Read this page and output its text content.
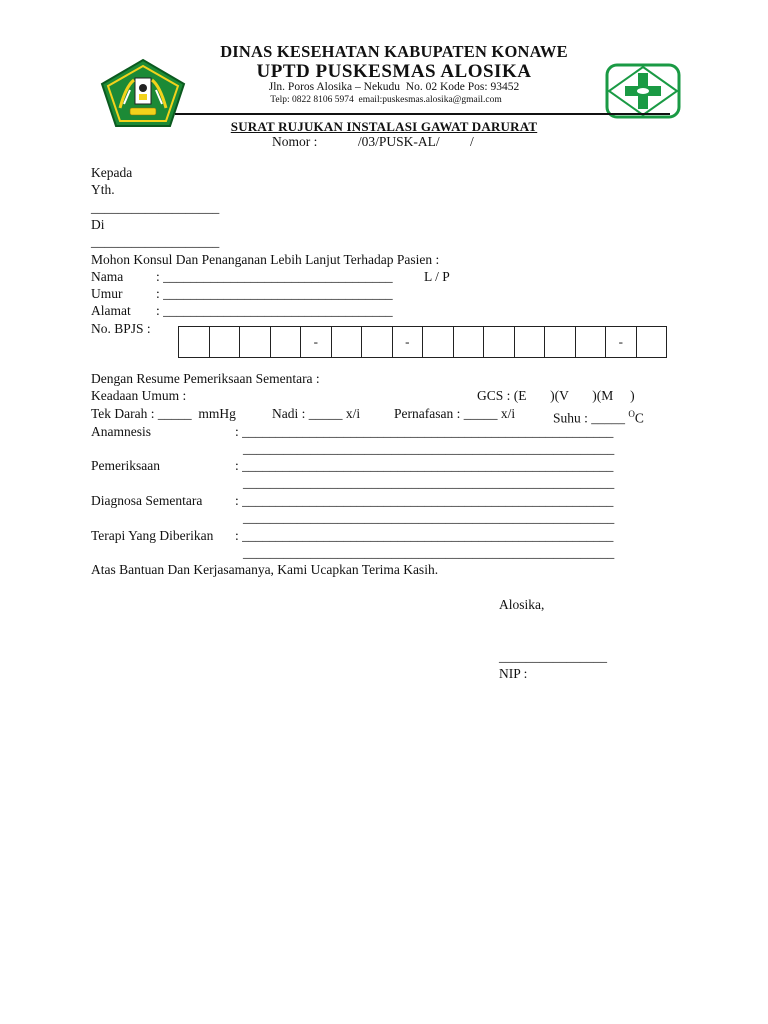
DINAS KESEHATAN KABUPATEN KONAWE
UPTD PUSKESMAS ALOSIKA
Jln. Poros Alosika – Nekudu  No. 02 Kode Pos: 93452
Telp: 0822 8106 5974  email:puskesmas.alosika@gmail.com

SURAT RUJUKAN INSTALASI GAWAT DARURAT
Nomor :            /03/PUSK-AL/         /
Kepada
Yth.
___________________
Di
___________________
Mohon Konsul Dan Penanganan Lebih Lanjut Terhadap Pasien :
Nama : __________________________________ L / P
Umur : __________________________________
Alamat : __________________________________
No. BPJS :
				-			-							-	
Dengan Resume Pemeriksaan Sementara :
Keadaan Umum :	GCS : (E       )(V       )(M     )
Tek Darah : _____  mmHg	Nadi : _____ x/i	Pernafasan : _____ x/i	Suhu : _____ $^O$C
Anamnesis	: _______________________________________________________
_______________________________________________________
Pemeriksaan	: _______________________________________________________
_______________________________________________________
Diagnosa Sementara : _______________________________________________________
_______________________________________________________
Terapi Yang Diberikan : _______________________________________________________
_______________________________________________________
Atas Bantuan Dan Kerjasamanya, Kami Ucapkan Terima Kasih.
Alosika,
________________
NIP :
